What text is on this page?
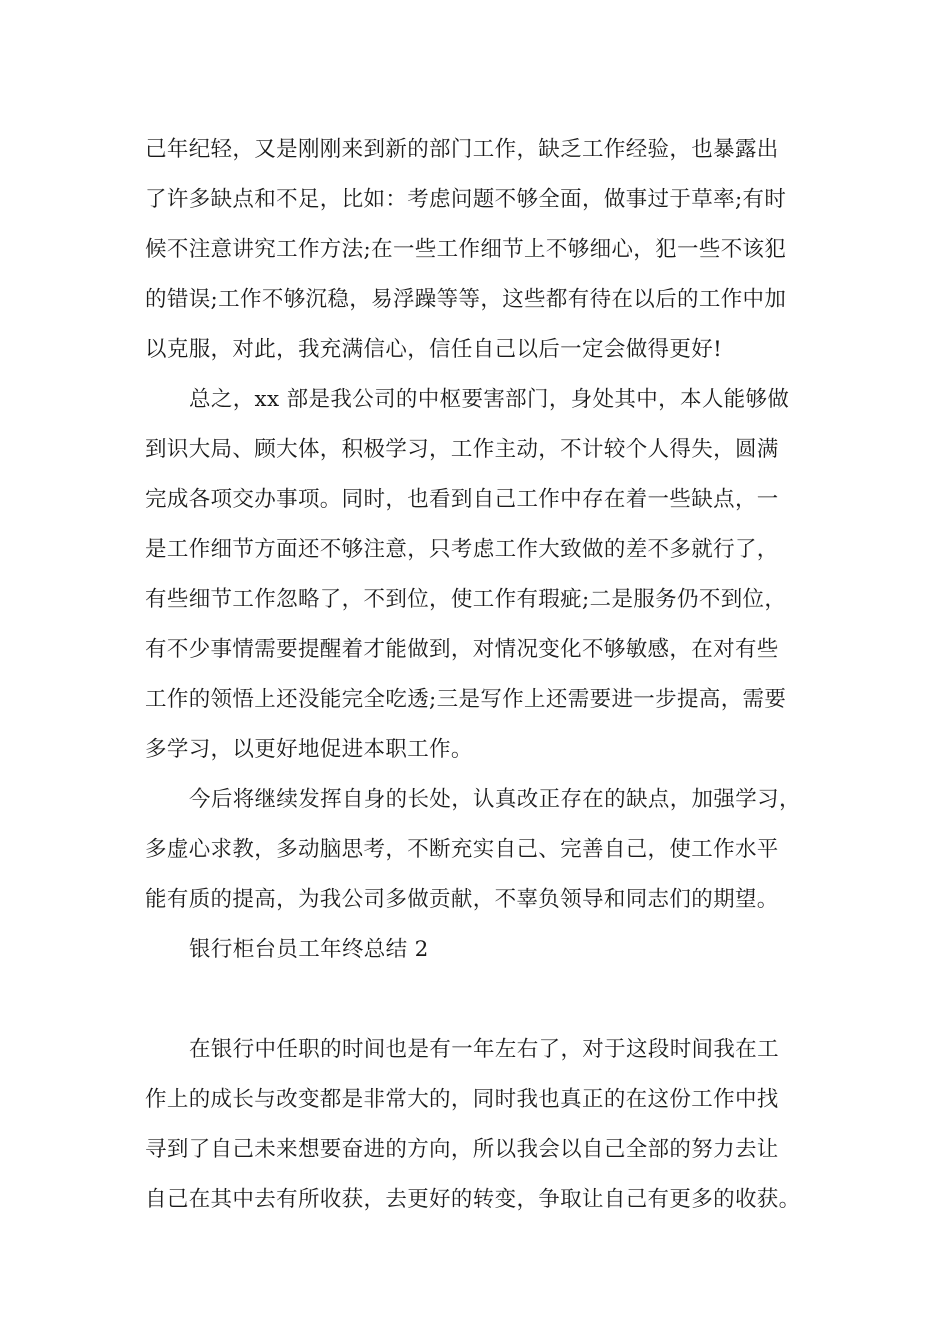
己年纪轻，又是刚刚来到新的部门工作，缺乏工作经验，也暴露出
了许多缺点和不足，比如：考虑问题不够全面，做事过于草率;有时
候不注意讲究工作方法;在一些工作细节上不够细心，犯一些不该犯
的错误;工作不够沉稳，易浮躁等等，这些都有待在以后的工作中加
以克服，对此，我充满信心，信任自己以后一定会做得更好!
总之，xx 部是我公司的中枢要害部门，身处其中，本人能够做
到识大局、顾大体，积极学习，工作主动，不计较个人得失，圆满
完成各项交办事项。同时，也看到自己工作中存在着一些缺点，一
是工作细节方面还不够注意，只考虑工作大致做的差不多就行了，
有些细节工作忽略了，不到位，使工作有瑕疵;二是服务仍不到位，
有不少事情需要提醒着才能做到，对情况变化不够敏感，在对有些
工作的领悟上还没能完全吃透;三是写作上还需要进一步提高，需要
多学习，以更好地促进本职工作。
今后将继续发挥自身的长处，认真改正存在的缺点，加强学习，
多虚心求教，多动脑思考，不断充实自己、完善自己，使工作水平
能有质的提高，为我公司多做贡献，不辜负领导和同志们的期望。
银行柜台员工年终总结 2
在银行中任职的时间也是有一年左右了，对于这段时间我在工
作上的成长与改变都是非常大的，同时我也真正的在这份工作中找
寻到了自己未来想要奋进的方向，所以我会以自己全部的努力去让
自己在其中去有所收获，去更好的转变，争取让自己有更多的收获。
